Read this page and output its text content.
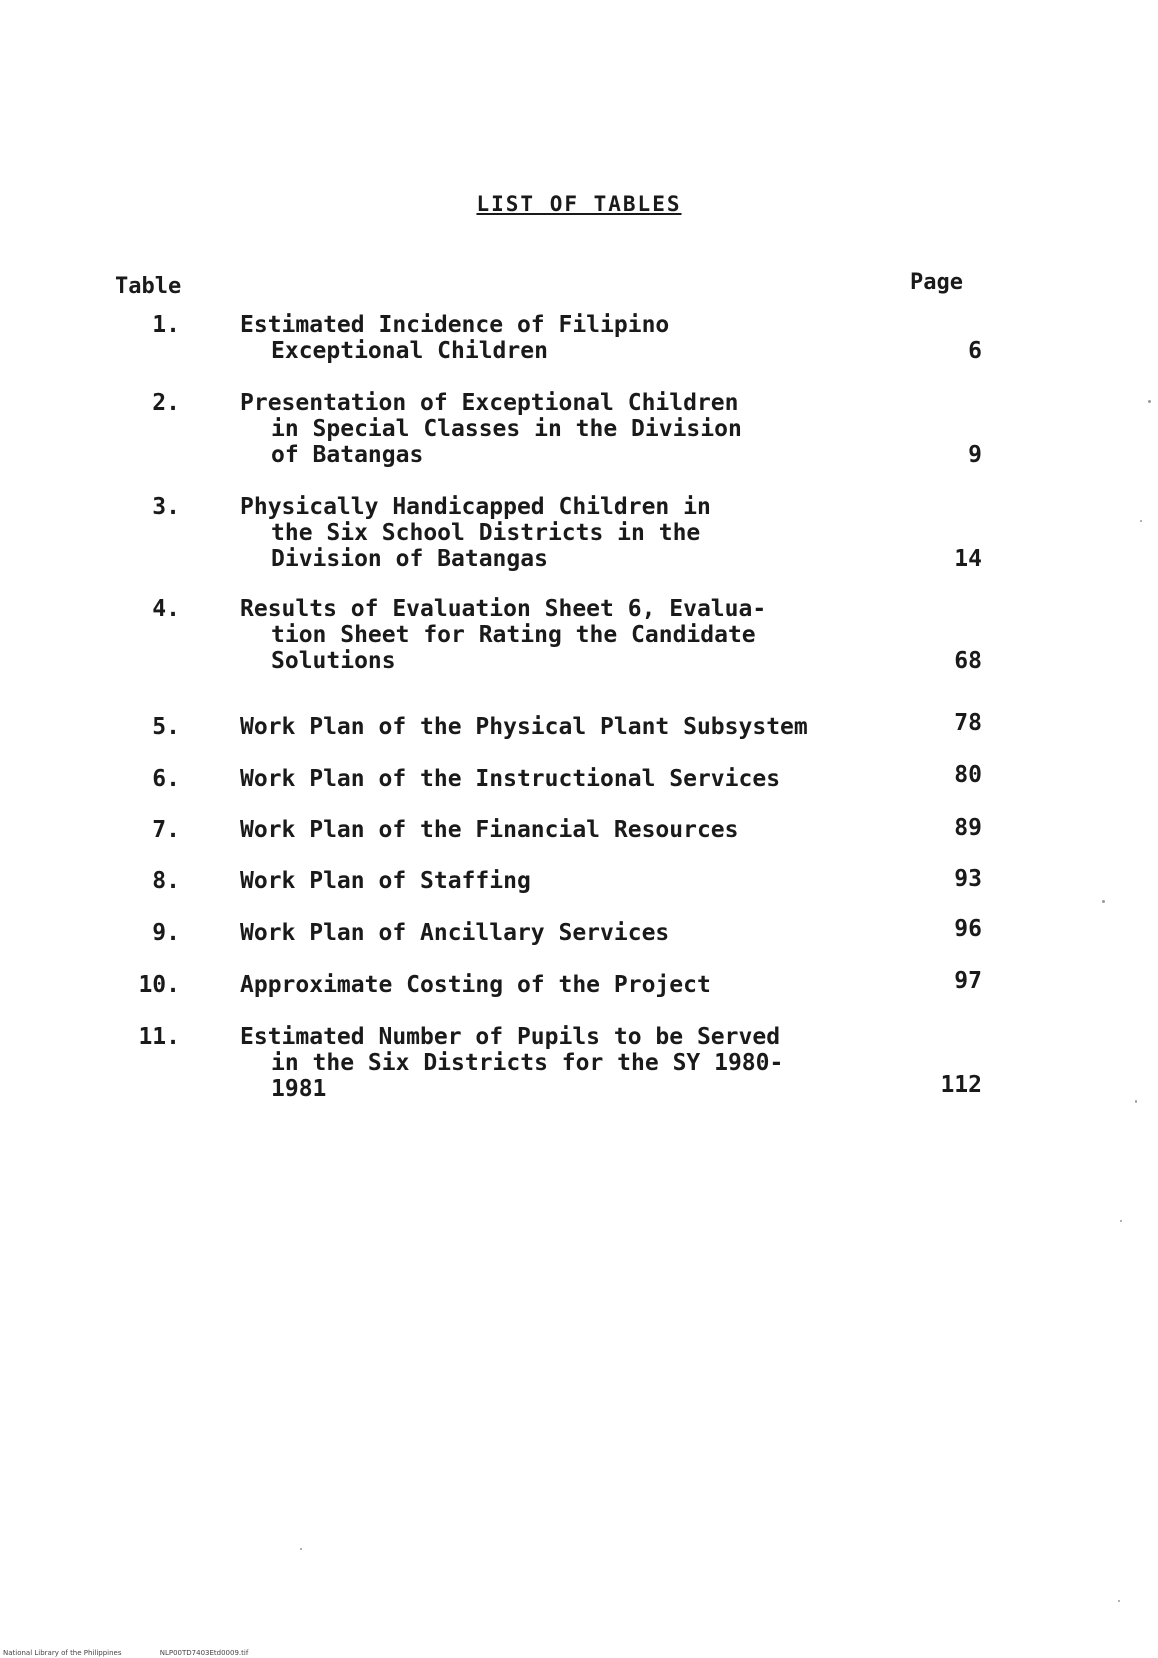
LIST OF TABLES
Table	Page
1.	Estimated Incidence of Filipino
Exceptional Children	6
2.	Presentation of Exceptional Children
in Special Classes in the Division
of Batangas	9
3.	Physically Handicapped Children in
the Six School Districts in the
Division of Batangas	14
4.	Results of Evaluation Sheet 6, Evalua-
tion Sheet for Rating the Candidate
Solutions	68
5.	Work Plan of the Physical Plant Subsystem	78
6.	Work Plan of the Instructional Services	80
7.	Work Plan of the Financial Resources	89
8.	Work Plan of Staffing	93
9.	Work Plan of Ancillary Services	96
10.	Approximate Costing of the Project	97
11.	Estimated Number of Pupils to be Served
in the Six Districts for the SY 1980-
1981	112
National Library of the Philippines	NLP00TD7403Etd0009.tif
